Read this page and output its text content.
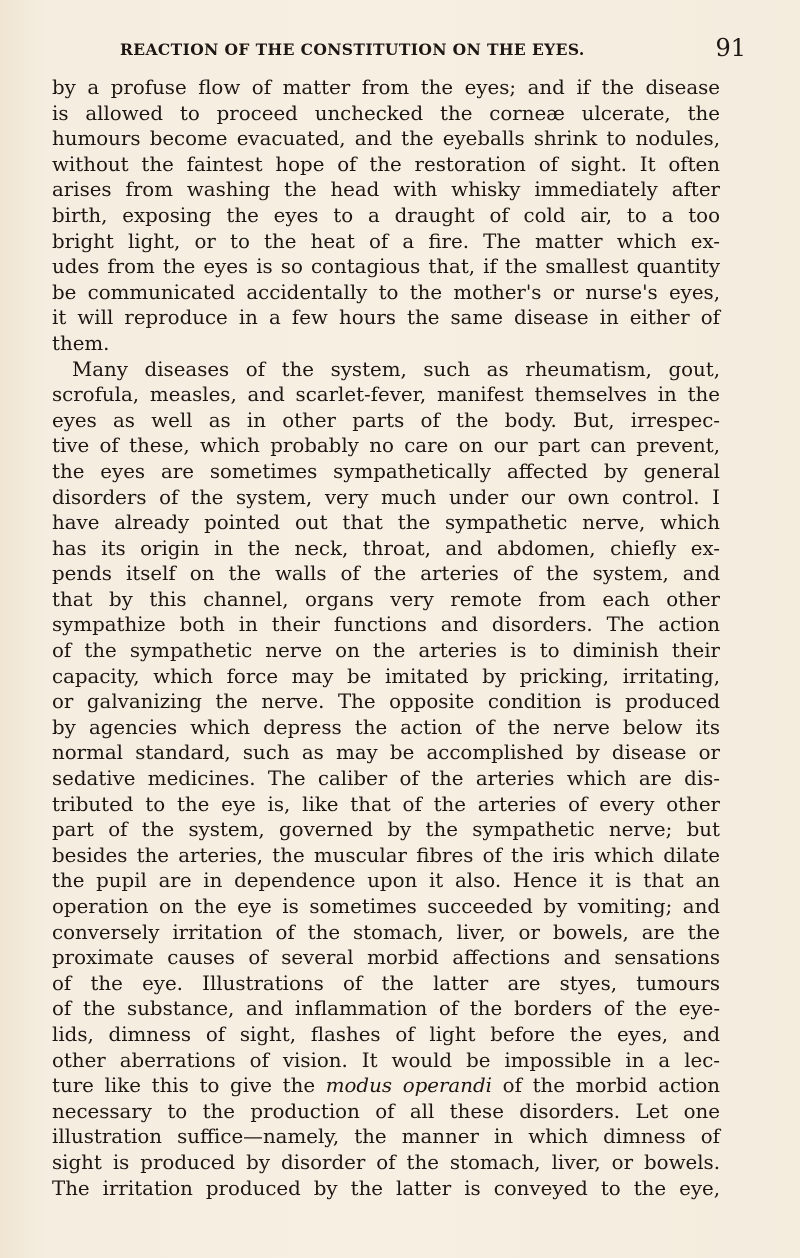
REACTION OF THE CONSTITUTION ON THE EYES.	91
by a profuse flow of matter from the eyes; and if the disease
is allowed to proceed unchecked the corneæ ulcerate, the
humours become evacuated, and the eyeballs shrink to nodules,
without the faintest hope of the restoration of sight. It often
arises from washing the head with whisky immediately after
birth, exposing the eyes to a draught of cold air, to a too
bright light, or to the heat of a fire. The matter which ex-
udes from the eyes is so contagious that, if the smallest quantity
be communicated accidentally to the mother's or nurse's eyes,
it will reproduce in a few hours the same disease in either of
them.
Many diseases of the system, such as rheumatism, gout,
scrofula, measles, and scarlet-fever, manifest themselves in the
eyes as well as in other parts of the body. But, irrespec-
tive of these, which probably no care on our part can prevent,
the eyes are sometimes sympathetically affected by general
disorders of the system, very much under our own control. I
have already pointed out that the sympathetic nerve, which
has its origin in the neck, throat, and abdomen, chiefly ex-
pends itself on the walls of the arteries of the system, and
that by this channel, organs very remote from each other
sympathize both in their functions and disorders. The action
of the sympathetic nerve on the arteries is to diminish their
capacity, which force may be imitated by pricking, irritating,
or galvanizing the nerve. The opposite condition is produced
by agencies which depress the action of the nerve below its
normal standard, such as may be accomplished by disease or
sedative medicines. The caliber of the arteries which are dis-
tributed to the eye is, like that of the arteries of every other
part of the system, governed by the sympathetic nerve; but
besides the arteries, the muscular fibres of the iris which dilate
the pupil are in dependence upon it also. Hence it is that an
operation on the eye is sometimes succeeded by vomiting; and
conversely irritation of the stomach, liver, or bowels, are the
proximate causes of several morbid affections and sensations
of the eye. Illustrations of the latter are styes, tumours
of the substance, and inflammation of the borders of the eye-
lids, dimness of sight, flashes of light before the eyes, and
other aberrations of vision. It would be impossible in a lec-
ture like this to give the modus operandi of the morbid action
necessary to the production of all these disorders. Let one
illustration suffice—namely, the manner in which dimness of
sight is produced by disorder of the stomach, liver, or bowels.
The irritation produced by the latter is conveyed to the eye,
